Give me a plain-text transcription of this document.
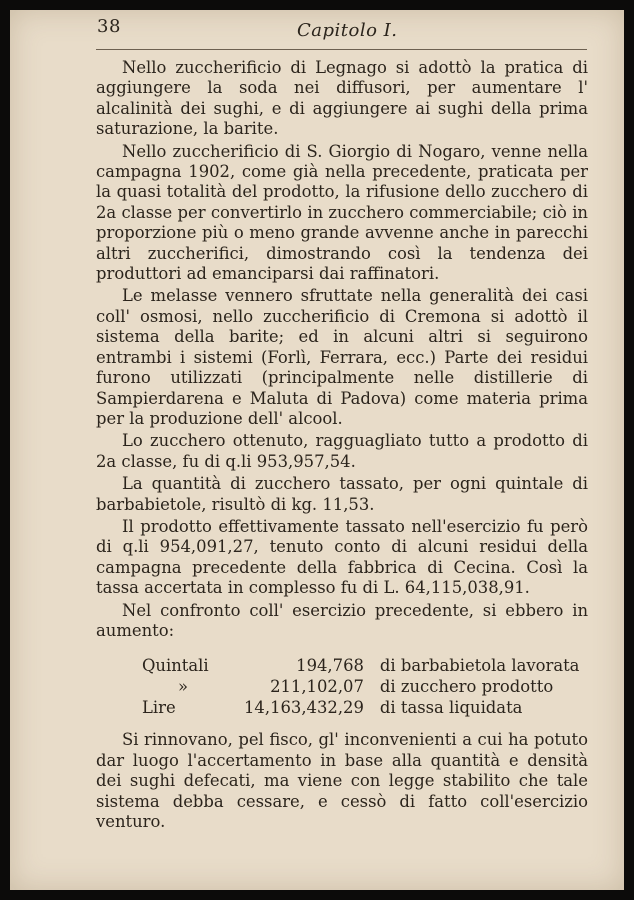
38	Capitolo I.

Nello zuccherificio di Legnago si adottò la pratica di aggiungere la soda nei diffusori, per aumentare l' alcalinità dei sughi, e di aggiungere ai sughi della prima saturazione, la barite.

Nello zuccherificio di S. Giorgio di Nogaro, venne nella campagna 1902, come già nella precedente, praticata per la quasi totalità del prodotto, la rifusione dello zucchero di 2a classe per convertirlo in zucchero commerciabile; ciò in proporzione più o meno grande avvenne anche in parecchi altri zuccherifici, dimostrando così la tendenza dei produttori ad emanciparsi dai raffinatori.

Le melasse vennero sfruttate nella generalità dei casi coll' osmosi, nello zuccherificio di Cremona si adottò il sistema della barite; ed in alcuni altri si seguirono entrambi i sistemi (Forlì, Ferrara, ecc.) Parte dei residui furono utilizzati (principalmente nelle distillerie di Sampierdarena e Maluta di Padova) come materia prima per la produzione dell' alcool.

Lo zucchero ottenuto, ragguagliato tutto a prodotto di 2a classe, fu di q.li 953,957,54.

La quantità di zucchero tassato, per ogni quintale di barbabietole, risultò di kg. 11,53.

Il prodotto effettivamente tassato nell'esercizio fu però di q.li 954,091,27, tenuto conto di alcuni residui della campagna precedente della fabbrica di Cecina. Così la tassa accertata in complesso fu di L. 64,115,038,91.

Nel confronto coll' esercizio precedente, si ebbero in aumento:

Quintali	194,768	di barbabietola lavorata
»	211,102,07	di zucchero prodotto
Lire	14,163,432,29	di tassa liquidata

Si rinnovano, pel fisco, gl' inconvenienti a cui ha potuto dar luogo l'accertamento in base alla quantità e densità dei sughi defecati, ma viene con legge stabilito che tale sistema debba cessare, e cessò di fatto coll'esercizio venturo.
